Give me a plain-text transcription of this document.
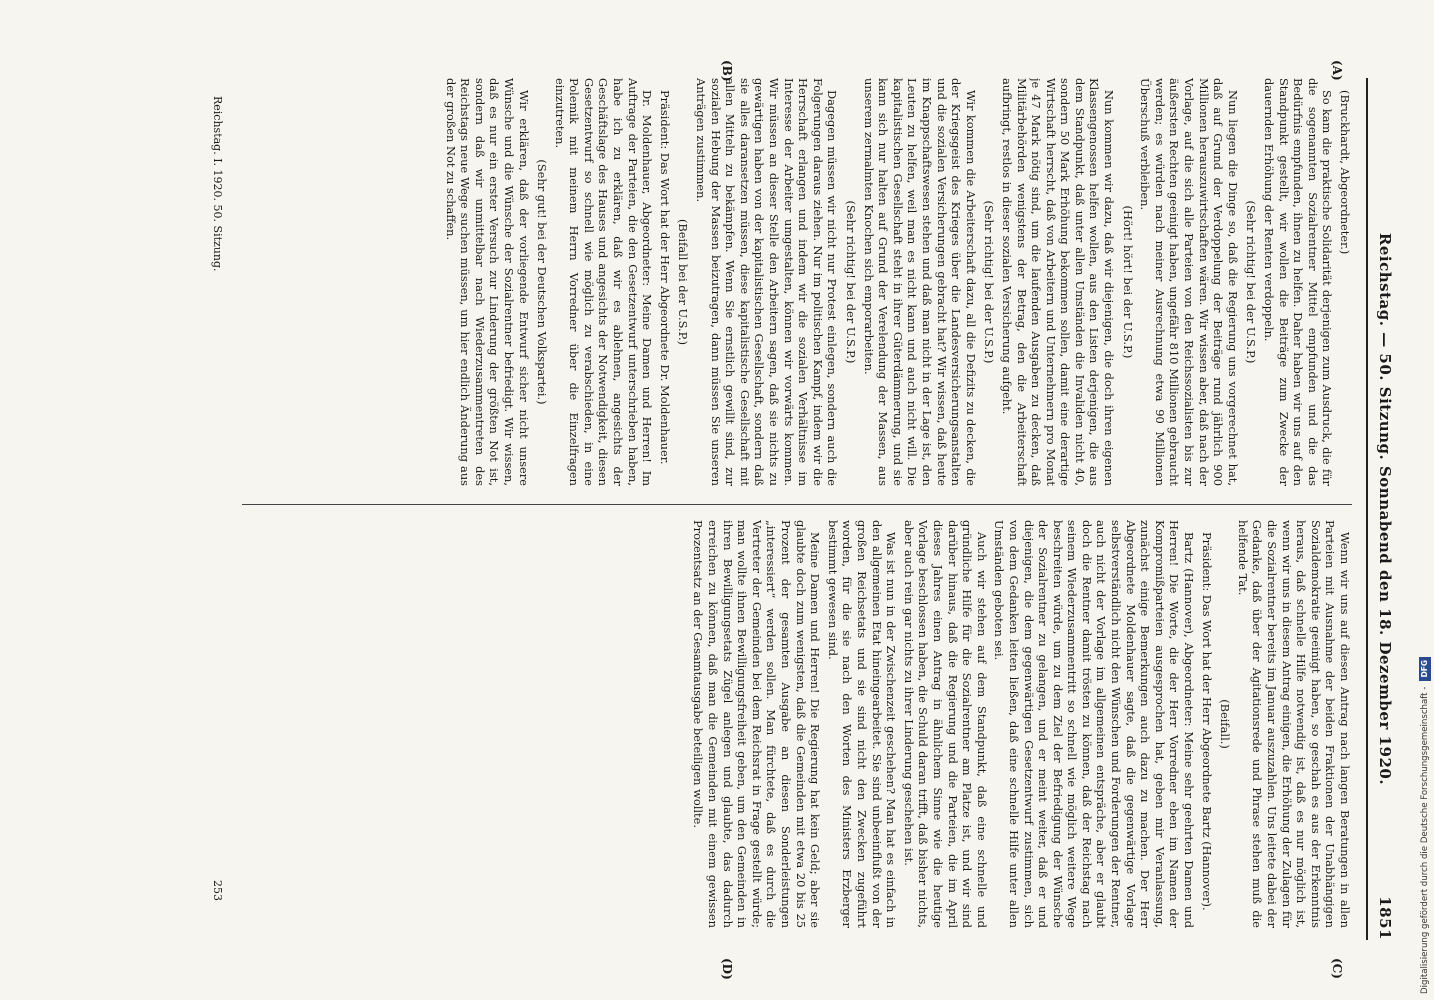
Reichstag. — 50. Sitzung. Sonnabend den 18. Dezember 1920.
1851
(A)
(B)
(C)
(D)
(Bruckhardt, Abgeordneter.)
So kam die praktische Solidarität derjenigen zum Ausdruck, die für die sogenannten Sozialrentner Mittel empfunden und die das Bedürfnis empfunden, ihnen zu helfen. Daher haben wir uns auf den Standpunkt gestellt, wir wollen die Beiträge zum Zwecke der dauernden Erhöhung der Renten verdoppeln.
(Sehr richtig! bei der U.S.P.)
Nun liegen die Dinge so, daß die Regierung uns vorgerechnet hat, daß auf Grund der Verdoppelung der Beiträge rund jährlich 900 Millionen herauszuwirtschaften wären. Wir wissen aber, daß nach der Vorlage, auf die sich alle Parteien von den Reichssozialisten bis zur äußersten Rechten geeinigt haben, ungefähr 810 Millionen gebraucht werden; es würden nach meiner Ausrechnung etwa 90 Millionen Überschuß verbleiben.
(Hört! hört! bei der U.S.P.)
Nun kommen wir dazu, daß wir diejenigen, die doch ihren eigenen Klassengenossen helfen wollen, aus den Listen derjenigen, die aus dem Standpunkt, daß unter allen Umständen die Invaliden nicht 40, sondern 50 Mark Erhöhung bekommen sollen, damit eine derartige Wirtschaft herrscht, daß von Arbeitern und Unternehmern pro Monat je 47 Mark nötig sind, um die laufenden Ausgaben zu decken, daß Militärbehörden wenigstens der Betrag, den die Arbeiterschaft aufbringt, restlos in dieser sozialen Versicherung aufgeht.
(Sehr richtig! bei der U.S.P.)
Wir kommen die Arbeiterschaft dazu, all die Defizits zu decken, die der Kriegsgeist des Krieges über die Landesversicherungsanstalten und die sozialen Versicherungen gebracht hat? Wir wissen, daß heute im Knappschaftswesen stehen und daß man nicht in der Lage ist, den Leuten zu helfen, weil man es nicht kann und auch nicht will. Die kapitalistischen Gesellschaft steht in ihrer Güterdämmerung, und sie kann sich nur halten auf Grund der Verelendung der Massen, aus unserem zermalmten Knochen sich emporarbeiten.
(Sehr richtig! bei der U.S.P.)
Dagegen müssen wir nicht nur Protest einlegen, sondern auch die Folgerungen daraus ziehen. Nur im politischen Kampf, indem wir die Herrschaft erlangen und indem wir die sozialen Verhältnisse im Interesse der Arbeiter umgestalten, können wir vorwärts kommen. Wir müssen an dieser Stelle den Arbeitern sagen, daß sie nichts zu gewärtigen haben von der kapitalistischen Gesellschaft, sondern daß sie alles daransetzen müssen, diese kapitalistische Gesellschaft mit allen Mitteln zu bekämpfen. Wenn Sie ernstlich gewillt sind, zur sozialen Hebung der Massen beizutragen, dann müssen Sie unseren Anträgen zustimmen.
(Beifall bei der U.S.P.)
Präsident: Das Wort hat der Herr Abgeordnete Dr. Moldenhauer.
Dr. Moldenhauer, Abgeordneter: Meine Damen und Herren! Im Auftrage der Parteien, die den Gesetzentwurf unterschrieben haben, habe ich zu erklären, daß wir es ablehnen, angesichts der Geschäftslage des Hauses und angesichts der Notwendigkeit, diesen Gesetzentwurf so schnell wie möglich zu verabschieden, in eine Polemik mit meinem Herrn Vorredner über die Einzelfragen einzutreten.
(Sehr gut! bei der Deutschen Volkspartei.)
Wir erklären, daß der vorliegende Entwurf sicher nicht unsere Wünsche und die Wünsche der Sozialrentner befriedigt. Wir wissen, daß es nur ein erster Versuch zur Linderung der größten Not ist, sondern daß wir unmittelbar nach Wiederzusammentreten des Reichstags neue Wege suchen müssen, um hier endlich Änderung aus der großen Not zu schaffen.
Wenn wir uns auf diesen Antrag nach langen Beratungen in allen Parteien mit Ausnahme der beiden Fraktionen der Unabhängigen Sozialdemokratie geeinigt haben, so geschah es aus der Erkenntnis heraus, daß schnelle Hilfe notwendig ist, daß es nur möglich ist, wenn wir uns in diesem Antrag einigen, die Erhöhung der Zulagen für die Sozialrentner bereits im Januar auszuzahlen. Uns leitete dabei der Gedanke, daß über der Agitationsrede und Phrase stehen muß die helfende Tat.
(Beifall.)
Präsident: Das Wort hat der Herr Abgeordnete Bartz (Hannover).
Bartz (Hannover), Abgeordneter: Meine sehr geehrten Damen und Herren! Die Worte, die der Herr Vorredner eben im Namen der Kompromißparteien ausgesprochen hat, geben mir Veranlassung, zunächst einige Bemerkungen auch dazu zu machen. Der Herr Abgeordnete Moldenhauer sagte, daß die gegenwärtige Vorlage selbstverständlich nicht den Wünschen und Forderungen der Rentner, auch nicht der Vorlage im allgemeinen entspräche, aber er glaubt doch die Rentner damit trösten zu können, daß der Reichstag nach seinem Wiederzusammentritt so schnell wie möglich weitere Wege beschreiten würde, um zu dem Ziel der Befriedigung der Wünsche der Sozialrentner zu gelangen, und er meint weiter, daß er und diejenigen, die dem gegenwärtigen Gesetzentwurf zustimmen, sich von dem Gedanken leiten ließen, daß eine schnelle Hilfe unter allen Umständen geboten sei.
Auch wir stehen auf dem Standpunkt, daß eine schnelle und gründliche Hilfe für die Sozialrentner am Platze ist, und wir sind darüber hinaus, daß die Regierung und die Parteien, die im April dieses Jahres einen Antrag in ähnlichem Sinne wie die heutige Vorlage beschlossen haben, die Schuld daran trifft, daß bisher nichts, aber auch rein gar nichts zu ihrer Linderung geschehen ist.
Was ist nun in der Zwischenzeit geschehen? Man hat es einfach in den allgemeinen Etat hineingearbeitet. Sie sind unbeeinflußt von der großen Reichsetats und sie sind nicht den Zwecken zugeführt worden, für die sie nach den Worten des Ministers Erzberger bestimmt gewesen sind.
Meine Damen und Herren! Die Regierung hat kein Geld; aber sie glaubte doch zum wenigsten, daß die Gemeinden mit etwa 20 bis 25 Prozent der gesamten Ausgabe an diesen Sonderleistungen „interessiert“ werden sollen. Man fürchtete, daß es durch die Vertreter der Gemeinden bei dem Reichsrat in Frage gestellt würde; man wollte ihnen Bewilligungsfreiheit geben, um den Gemeinden in ihren Bewilligungsetats Zügel anlegen und glaubte, das dadurch erreichen zu können, daß man die Gemeinden mit einem gewissen Prozentsatz an der Gesamtausgabe beteiligen wollte.
Reichstag. I. 1920. 50. Sitzung.
253	Digitalisierung gefördert durch die Deutsche Forschungsgemeinschaft -
DFG
